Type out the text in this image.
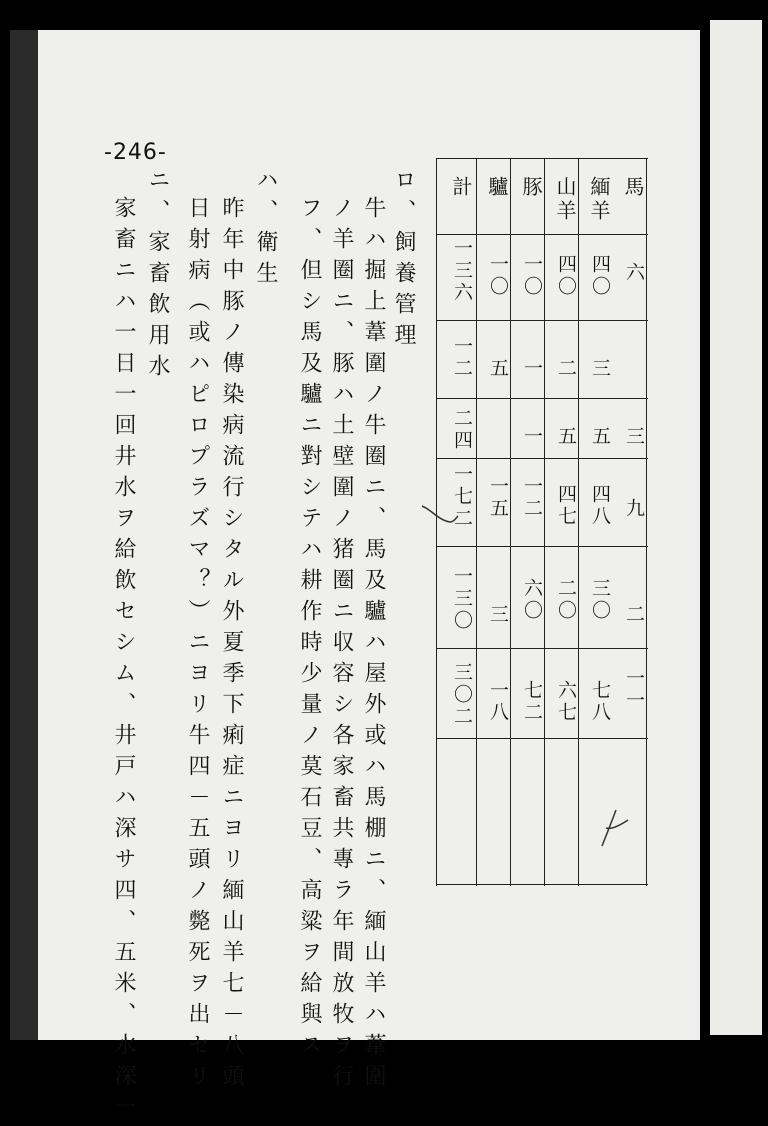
-246-
馬
緬羊
山羊
豚
驢
計
六
四〇
四〇
一〇
一〇
一三六
三
二
一
五
一二
三
五
五
一
二四
九
四八
四七
一二
一五
一七二
二
三〇
二〇
六〇
三
一三〇
一一
七八
六七
七二
一八
三〇二
ロ、飼養管理
牛ハ掘上葦圍ノ牛圈ニ、馬及驢ハ屋外或ハ馬棚ニ、緬山羊ハ葦圍
ノ羊圈ニ、豚ハ土壁圍ノ猪圈ニ収容シ各家畜共專ラ年間放牧ヲ行
フ、但シ馬及驢ニ對シテハ耕作時少量ノ莫石豆、高粱ヲ給與ス
ハ、衛生
昨年中豚ノ傳染病流行シタル外夏季下痢症ニヨリ緬山羊七－八頭
日射病（或ハピロプラズマ？）ニヨリ牛四－五頭ノ斃死ヲ出セリ
ニ、家畜飲用水
家畜ニハ一日一回井水ヲ給飲セシム、井戸ハ深サ四、五米、水深一
